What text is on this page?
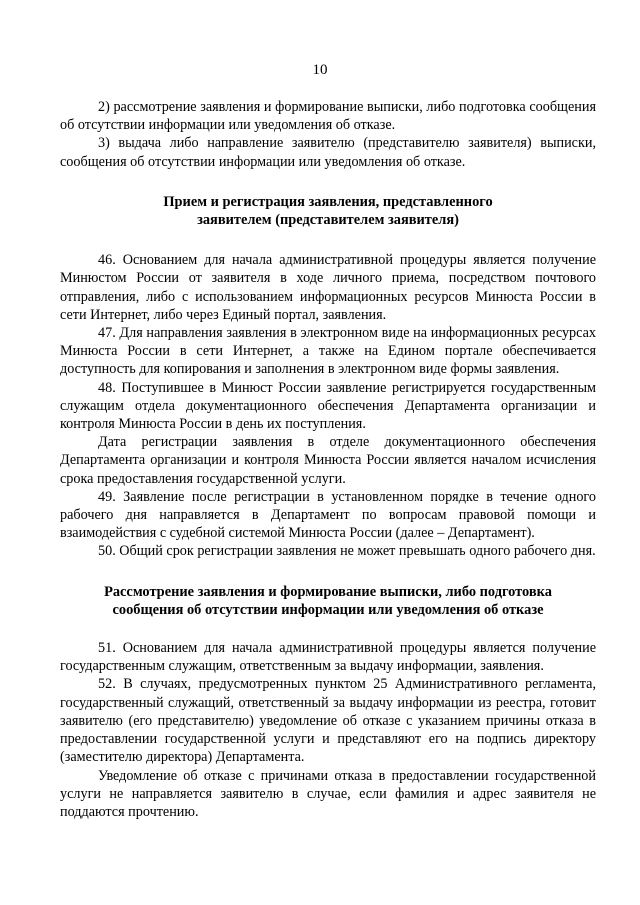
10

2) рассмотрение заявления и формирование выписки, либо подготовка сообщения об отсутствии информации или уведомления об отказе.

3) выдача либо направление заявителю (представителю заявителя) выписки, сообщения об отсутствии информации или уведомления об отказе.

Прием и регистрация заявления, представленного
заявителем (представителем заявителя)

46. Основанием для начала административной процедуры является получение Минюстом России от заявителя в ходе личного приема, посредством почтового отправления, либо с использованием информационных ресурсов Минюста России в сети Интернет, либо через Единый портал, заявления.

47. Для направления заявления в электронном виде на информационных ресурсах Минюста России в сети Интернет, а также на Едином портале обеспечивается доступность для копирования и заполнения в электронном виде формы заявления.

48. Поступившее в Минюст России заявление регистрируется государственным служащим отдела документационного обеспечения Департамента организации и контроля Минюста России в день их поступления.

Дата регистрации заявления в отделе документационного обеспечения Департамента организации и контроля Минюста России является началом исчисления срока предоставления государственной услуги.

49. Заявление после регистрации в установленном порядке в течение одного рабочего дня направляется в Департамент по вопросам правовой помощи и взаимодействия с судебной системой Минюста России (далее – Департамент).

50. Общий срок регистрации заявления не может превышать одного рабочего дня.

Рассмотрение заявления и формирование выписки, либо подготовка
сообщения об отсутствии информации или уведомления об отказе

51. Основанием для начала административной процедуры является получение государственным служащим, ответственным за выдачу информации, заявления.

52. В случаях, предусмотренных пунктом 25 Административного регламента, государственный служащий, ответственный за выдачу информации из реестра, готовит заявителю (его представителю) уведомление об отказе с указанием причины отказа в предоставлении государственной услуги и представляют его на подпись директору (заместителю директора) Департамента.

Уведомление об отказе с причинами отказа в предоставлении государственной услуги не направляется заявителю в случае, если фамилия и адрес заявителя не поддаются прочтению.
